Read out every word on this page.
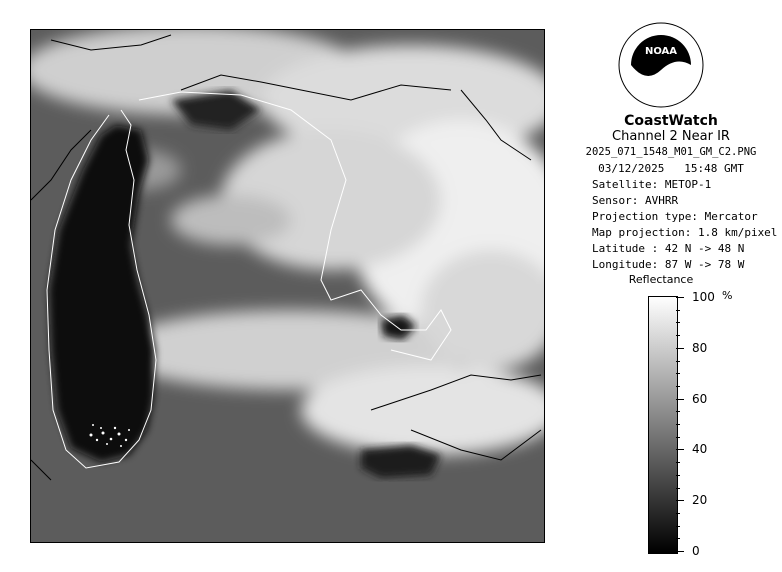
NOAA
CoastWatch
Channel 2 Near IR
2025_071_1548_M01_GM_C2.PNG
03/12/2025 15:48 GMT
Satellite: METOP-1
Sensor: AVHRR
Projection type: Mercator
Map projection: 1.8 km/pixel
Latitude : 42 N -> 48 N
Longitude: 87 W -> 78 W
Reflectance
%
100
80
60
40
20
0
